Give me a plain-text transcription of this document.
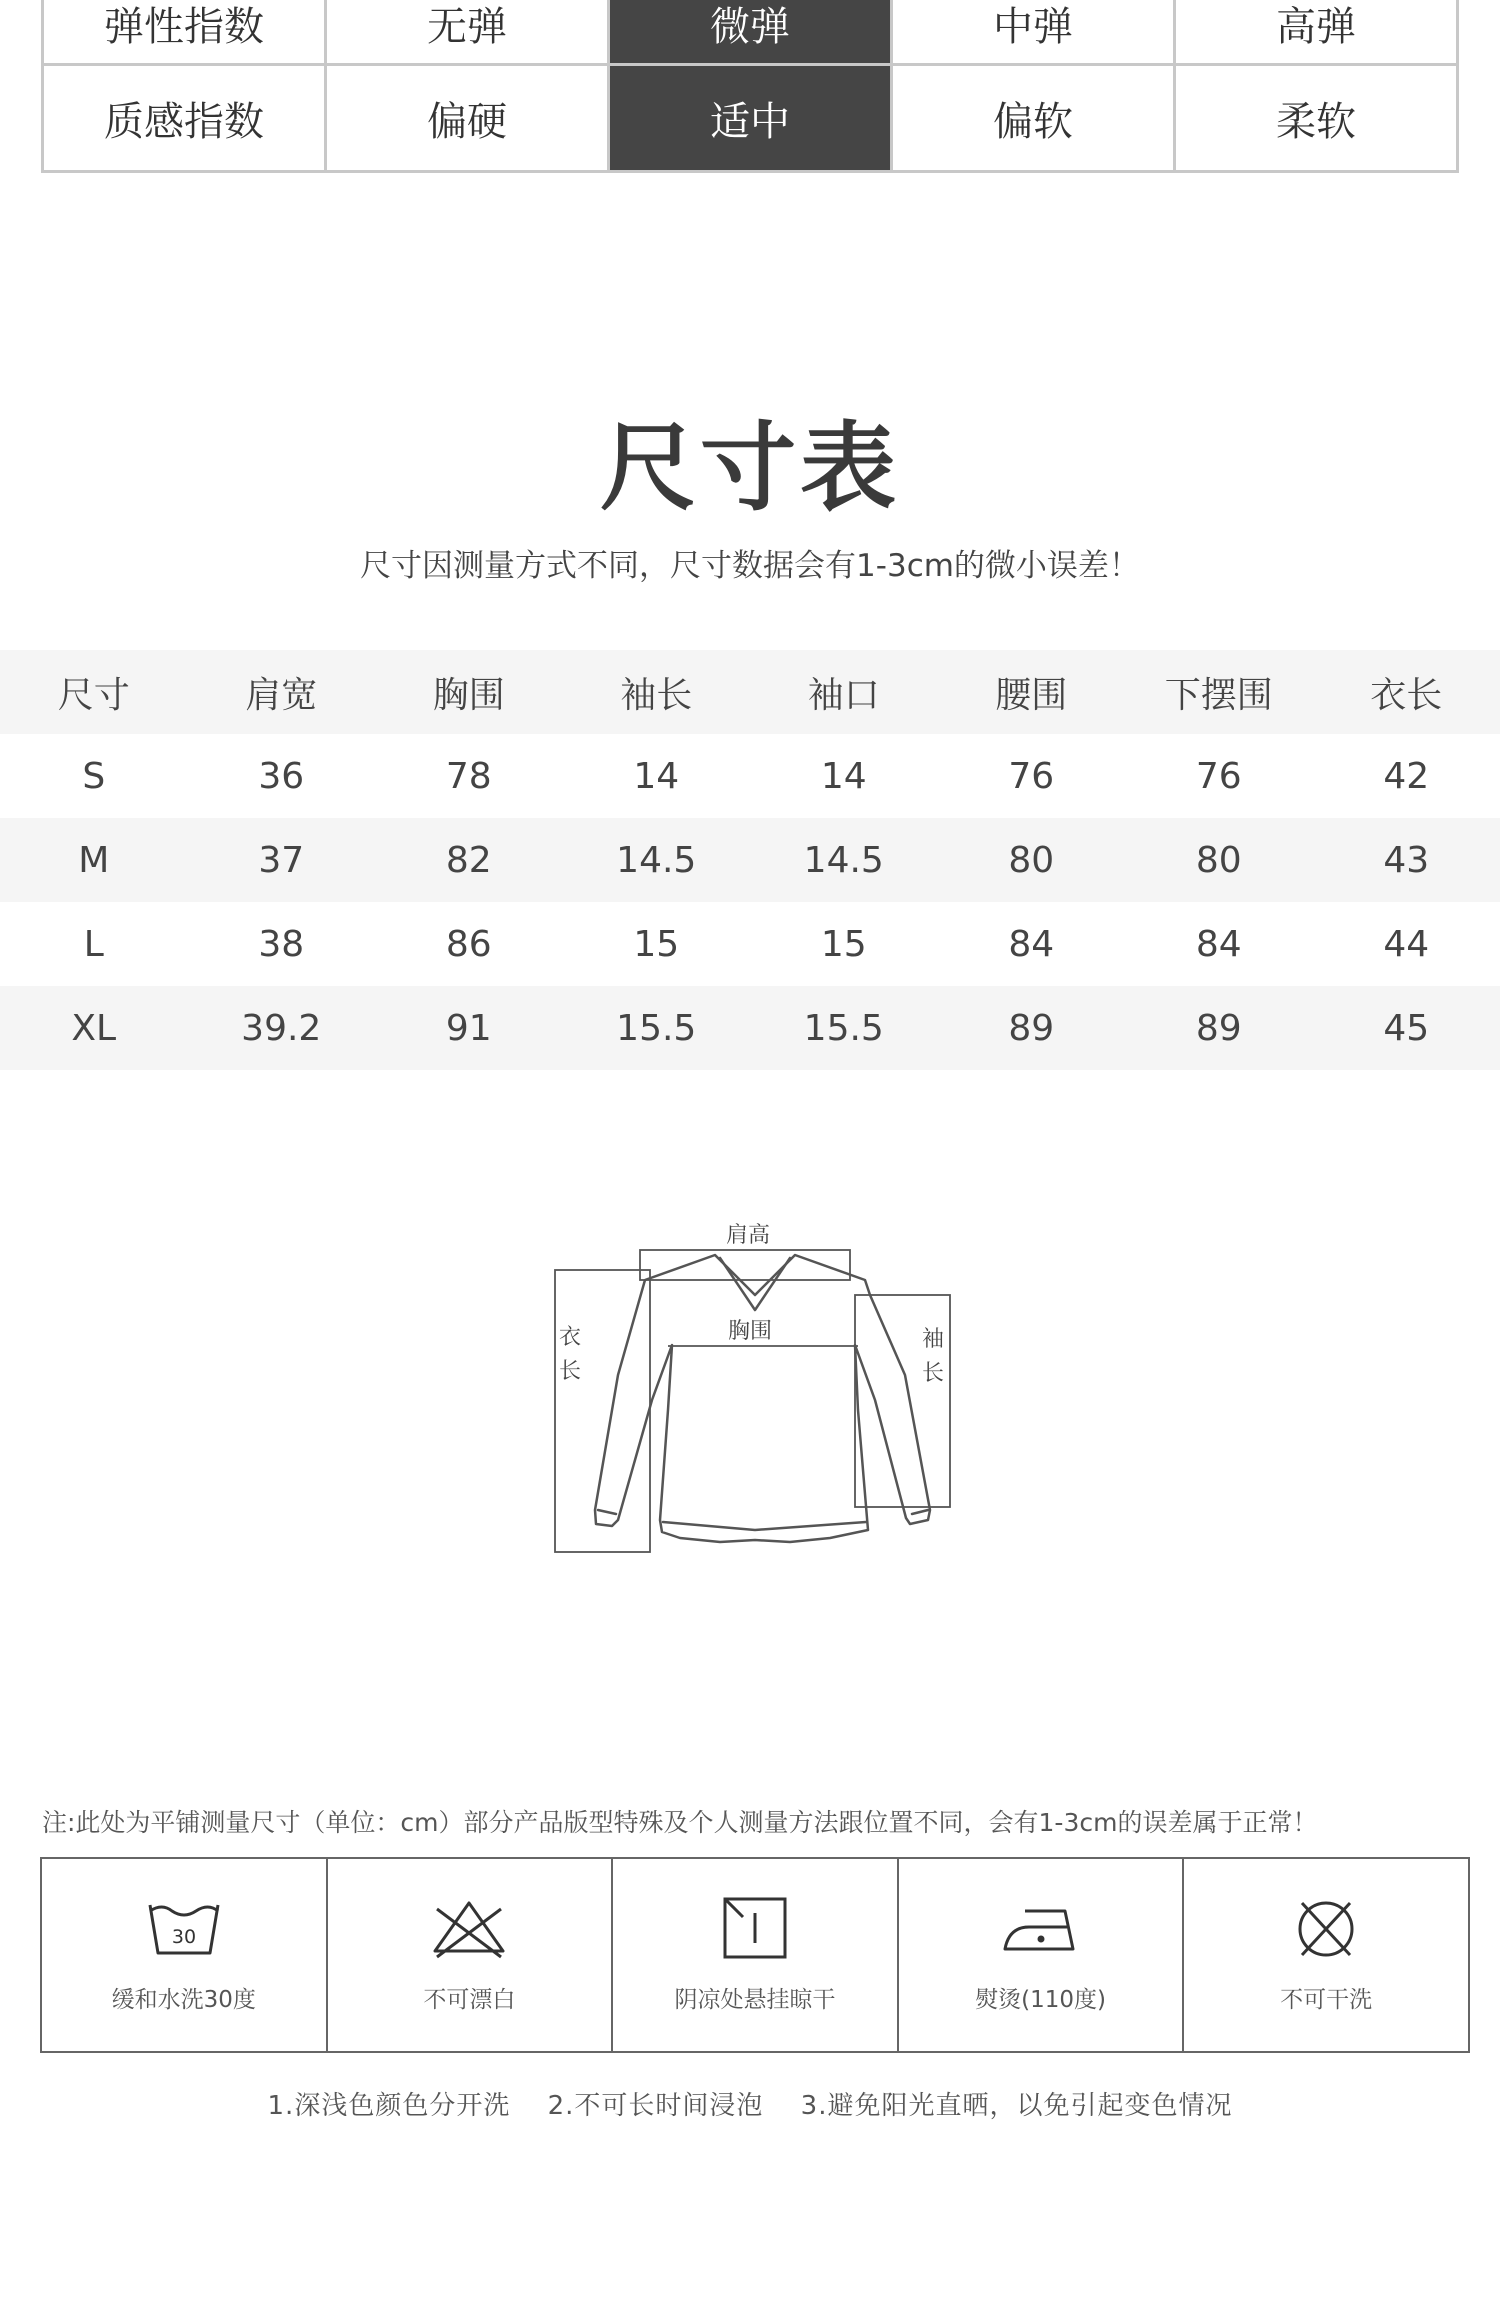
弹性指数	无弹	微弹	中弹	高弹
质感指数	偏硬	适中	偏软	柔软
尺寸表
尺寸因测量方式不同，尺寸数据会有1-3cm的微小误差！
尺寸	肩宽	胸围	袖长	袖口	腰围	下摆围	衣长
S	36	78	14	14	76	76	42
M	37	82	14.5	14.5	80	80	43
L	38	86	15	15	84	84	44
XL	39.2	91	15.5	15.5	89	89	45
肩高
胸围
衣
长
袖
长
注:此处为平铺测量尺寸（单位：cm）部分产品版型特殊及个人测量方法跟位置不同，会有1-3cm的误差属于正常！
30
缓和水洗30度	不可漂白	阴凉处悬挂晾干	熨烫(110度)	不可干洗
1.深浅色颜色分开洗 2.不可长时间浸泡 3.避免阳光直晒，以免引起变色情况
